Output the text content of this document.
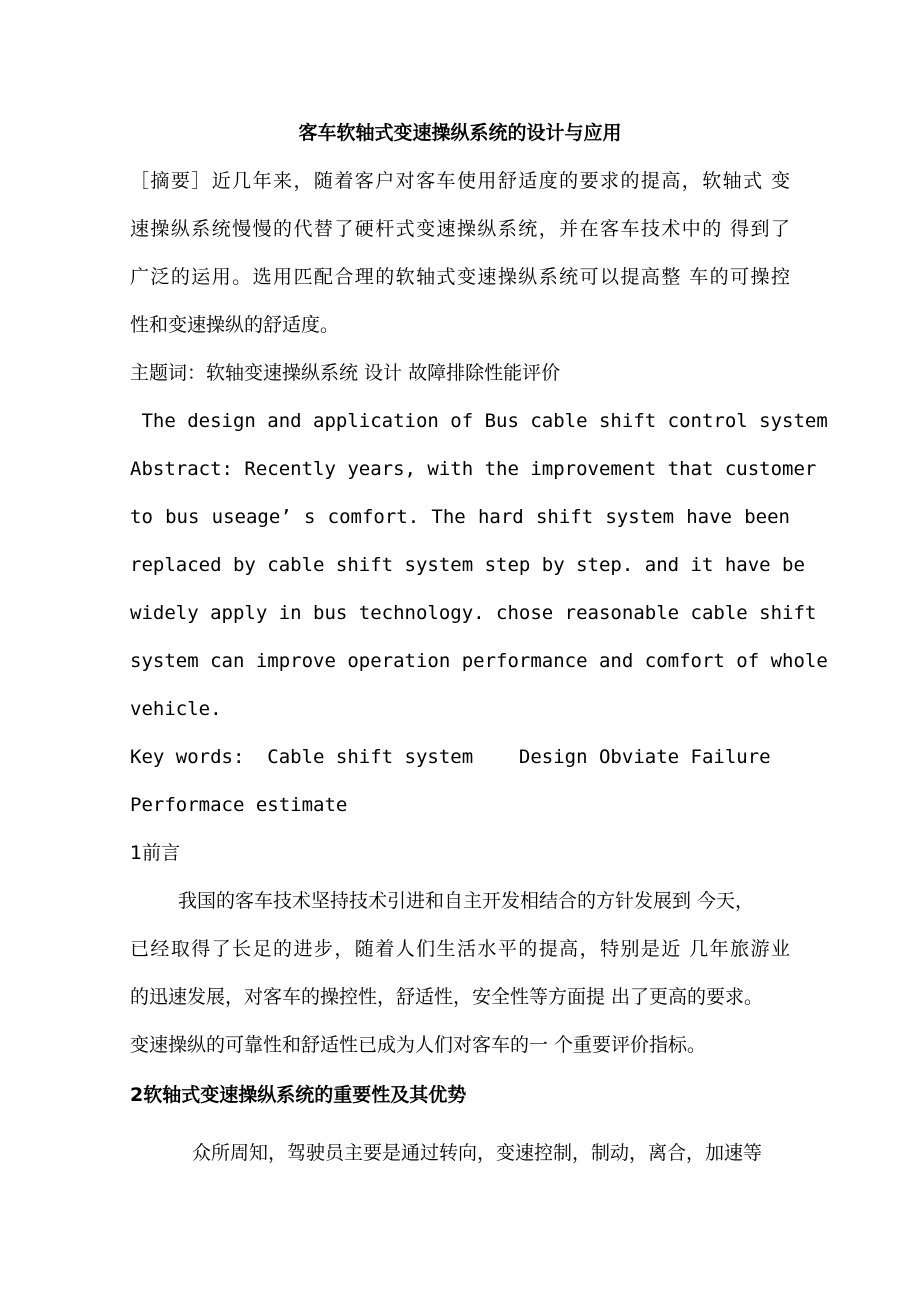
客车软轴式变速操纵系统的设计与应用
［摘要］近几年来，随着客户对客车使用舒适度的要求的提高，软轴式 变
速操纵系统慢慢的代替了硬杆式变速操纵系统，并在客车技术中的 得到了
广泛的运用。选用匹配合理的软轴式变速操纵系统可以提高整 车的可操控
性和变速操纵的舒适度。
主题词：软轴变速操纵系统 设计 故障排除性能评价
The design and application of Bus cable shift control system
Abstract: Recently years, with the improvement that customer
to bus useage’ s comfort. The hard shift system have been
replaced by cable shift system step by step. and it have be
widely apply in bus technology. chose reasonable cable shift
system can improve operation performance and comfort of whole
vehicle.
Key words:  Cable shift system    Design Obviate Failure
Performace estimate
1前言
我国的客车技术坚持技术引进和自主开发相结合的方针发展到 今天，
已经取得了长足的进步，随着人们生活水平的提高，特别是近 几年旅游业
的迅速发展，对客车的操控性，舒适性，安全性等方面提 出了更高的要求。
变速操纵的可靠性和舒适性已成为人们对客车的一 个重要评价指标。
2软轴式变速操纵系统的重要性及其优势
众所周知，驾驶员主要是通过转向，变速控制，制动，离合，加速等
